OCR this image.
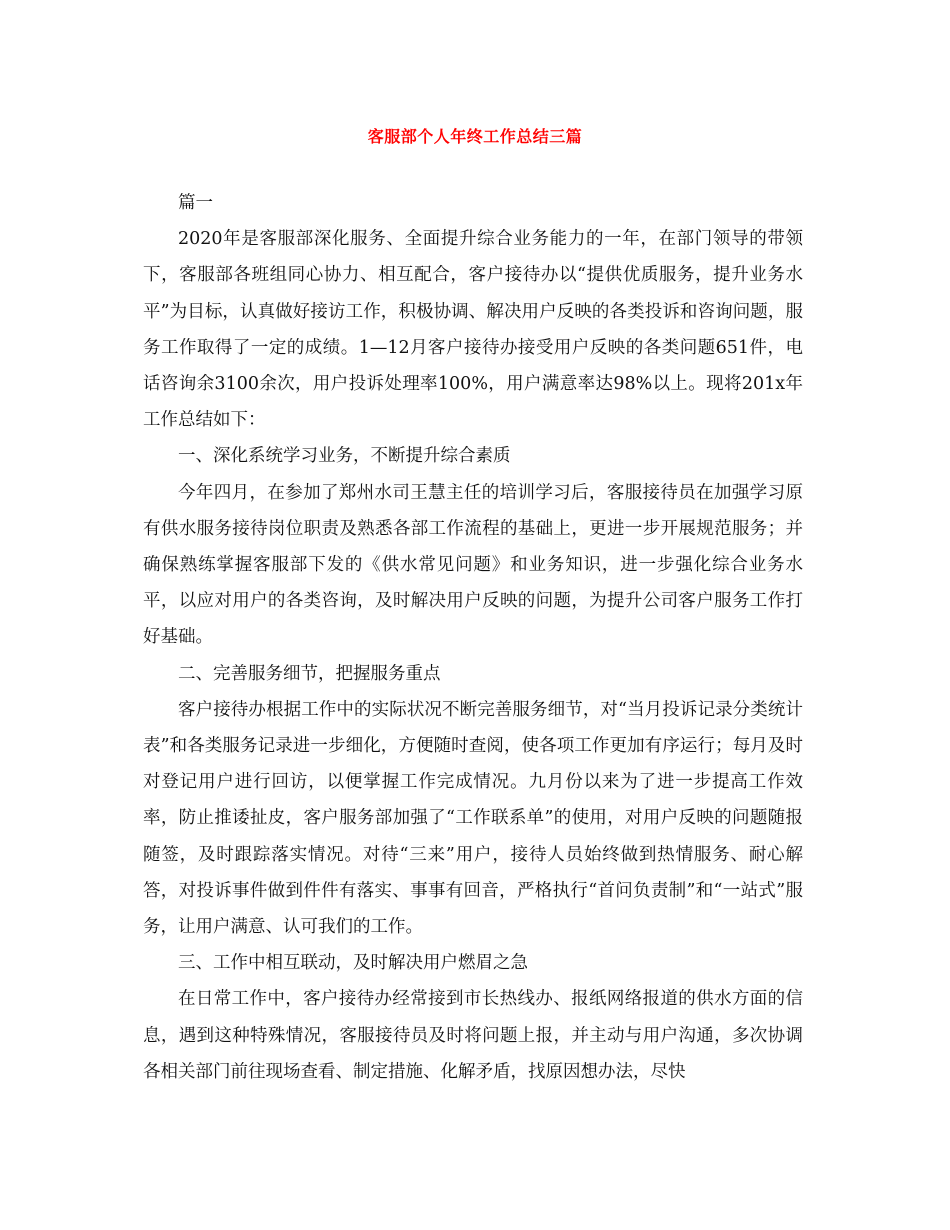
客服部个人年终工作总结三篇

篇一

2020年是客服部深化服务、全面提升综合业务能力的一年，在部门领导的带领下，客服部各班组同心协力、相互配合，客户接待办以“提供优质服务，提升业务水平”为目标，认真做好接访工作，积极协调、解决用户反映的各类投诉和咨询问题，服务工作取得了一定的成绩。1—12月客户接待办接受用户反映的各类问题651件，电话咨询余3100余次，用户投诉处理率100%，用户满意率达98%以上。现将201x年工作总结如下：

一、深化系统学习业务，不断提升综合素质

今年四月，在参加了郑州水司王慧主任的培训学习后，客服接待员在加强学习原有供水服务接待岗位职责及熟悉各部工作流程的基础上，更进一步开展规范服务；并确保熟练掌握客服部下发的《供水常见问题》和业务知识，进一步强化综合业务水平，以应对用户的各类咨询，及时解决用户反映的问题，为提升公司客户服务工作打好基础。

二、完善服务细节，把握服务重点

客户接待办根据工作中的实际状况不断完善服务细节，对“当月投诉记录分类统计表”和各类服务记录进一步细化，方便随时查阅，使各项工作更加有序运行；每月及时对登记用户进行回访，以便掌握工作完成情况。九月份以来为了进一步提高工作效率，防止推诿扯皮，客户服务部加强了“工作联系单”的使用，对用户反映的问题随报随签，及时跟踪落实情况。对待“三来”用户，接待人员始终做到热情服务、耐心解答，对投诉事件做到件件有落实、事事有回音，严格执行“首问负责制”和“一站式”服务，让用户满意、认可我们的工作。

三、工作中相互联动，及时解决用户燃眉之急

在日常工作中，客户接待办经常接到市长热线办、报纸网络报道的供水方面的信息，遇到这种特殊情况，客服接待员及时将问题上报，并主动与用户沟通，多次协调各相关部门前往现场查看、制定措施、化解矛盾，找原因想办法，尽快
